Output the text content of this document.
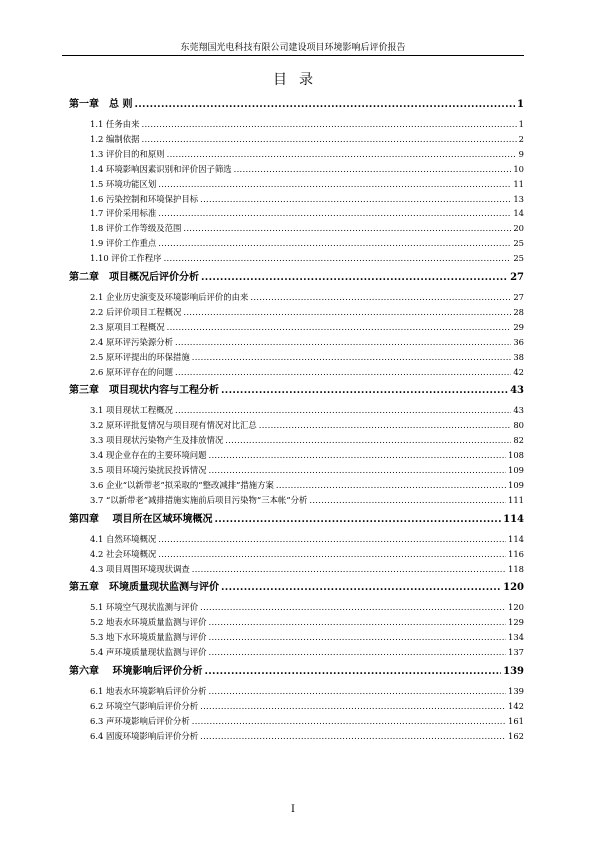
东莞翔国光电科技有限公司建设项目环境影响后评价报告
目录
第一章　总 则 .....	1
1.1 任务由来 .....	1
1.2 编制依据 .....	2
1.3 评价目的和原则 .....	9
1.4 环境影响因素识别和评价因子筛选 .....	10
1.5 环境功能区划 .....	11
1.6 污染控制和环境保护目标 .....	13
1.7 评价采用标准 .....	14
1.8 评价工作等级及范围 .....	20
1.9 评价工作重点 .....	25
1.10 评价工作程序 .....	25
第二章　项目概况后评价分析 .....	27
2.1 企业历史演变及环境影响后评价的由来 .....	27
2.2 后评价项目工程概况 .....	28
2.3 原项目工程概况 .....	29
2.4 原环评污染源分析 .....	36
2.5 原环评提出的环保措施 .....	38
2.6 原环评存在的问题 .....	42
第三章　项目现状内容与工程分析 .....	43
3.1 项目现状工程概况 .....	43
3.2 原环评批复情况与项目现有情况对比汇总 .....	80
3.3 项目现状污染物产生及排放情况 .....	82
3.4 现企业存在的主要环境问题 .....	108
3.5 项目环境污染扰民投诉情况 .....	109
3.6 企业“以新带老”拟采取的“整改减排”措施方案 .....	109
3.7 “以新带老”减排措施实施前后项目污染物“三本帐”分析 .....	111
第四章　 项目所在区域环境概况 .....	114
4.1 自然环境概况 .....	114
4.2 社会环境概况 .....	116
4.3 项目周围环境现状调查 .....	118
第五章　环境质量现状监测与评价 .....	120
5.1 环境空气现状监测与评价 .....	120
5.2 地表水环境质量监测与评价 .....	129
5.3 地下水环境质量监测与评价 .....	134
5.4 声环境质量现状监测与评价 .....	137
第六章　 环境影响后评价分析 .....	139
6.1 地表水环境影响后评价分析 .....	139
6.2 环境空气影响后评价分析 .....	142
6.3 声环境影响后评价分析 .....	161
6.4 固废环境影响后评价分析 .....	162
I
